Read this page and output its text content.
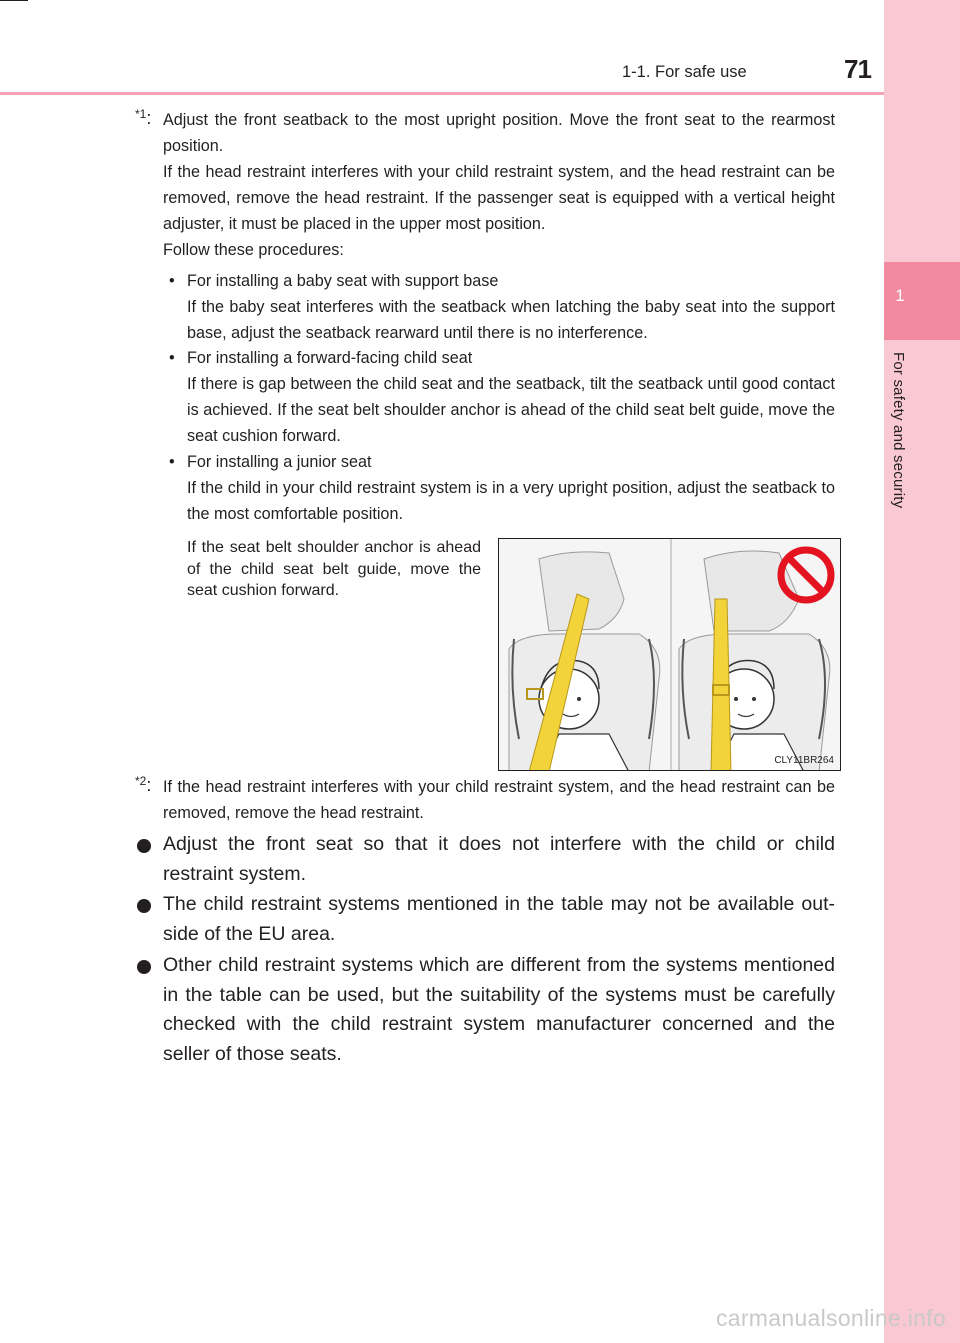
1-1. For safe use	71
1
For safety and security
$^{*1}$: Adjust the front seatback to the most upright position. Move the front seat to the rearmost position.

If the head restraint interferes with your child restraint system, and the head restraint can be removed, remove the head restraint. If the passenger seat is equipped with a vertical height adjuster, it must be placed in the upper most position.

Follow these procedures:

• For installing a baby seat with support base

If the baby seat interferes with the seatback when latching the baby seat into the support base, adjust the seatback rearward until there is no interference.

• For installing a forward-facing child seat

If there is gap between the child seat and the seatback, tilt the seatback until good contact is achieved. If the seat belt shoulder anchor is ahead of the child seat belt guide, move the seat cushion forward.

• For installing a junior seat

If the child in your child restraint system is in a very upright position, adjust the seatback to the most comfortable position.

If the seat belt shoulder anchor is ahead of the child seat belt guide, move the seat cushion forward.
CLY11BR264
$^{*2}$: If the head restraint interferes with your child restraint system, and the head restraint can be removed, remove the head restraint.

Adjust the front seat so that it does not interfere with the child or child restraint system.

The child restraint systems mentioned in the table may not be available out-side of the EU area.

Other child restraint systems which are different from the systems mentioned in the table can be used, but the suitability of the systems must be carefully checked with the child restraint system manufacturer concerned and the seller of those seats.

carmanualsonline.info
